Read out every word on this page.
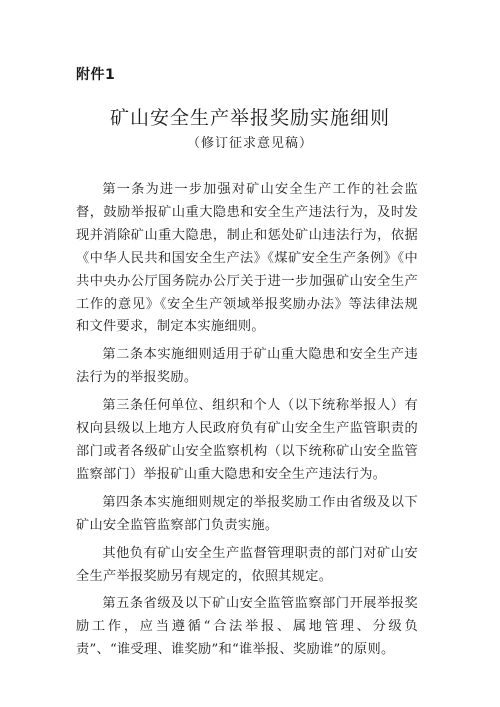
附件1
矿山安全生产举报奖励实施细则
（修订征求意见稿）

第一条为进一步加强对矿山安全生产工作的社会监督，鼓励举报矿山重大隐患和安全生产违法行为，及时发现并消除矿山重大隐患，制止和惩处矿山违法行为，依据《中华人民共和国安全生产法》《煤矿安全生产条例》《中共中央办公厅国务院办公厅关于进一步加强矿山安全生产工作的意见》《安全生产领域举报奖励办法》等法律法规和文件要求，制定本实施细则。

第二条本实施细则适用于矿山重大隐患和安全生产违法行为的举报奖励。

第三条任何单位、组织和个人（以下统称举报人）有权向县级以上地方人民政府负有矿山安全生产监管职责的部门或者各级矿山安全监察机构（以下统称矿山安全监管监察部门）举报矿山重大隐患和安全生产违法行为。

第四条本实施细则规定的举报奖励工作由省级及以下矿山安全监管监察部门负责实施。

其他负有矿山安全生产监督管理职责的部门对矿山安全生产举报奖励另有规定的，依照其规定。

第五条省级及以下矿山安全监管监察部门开展举报奖励工作，应当遵循“合法举报、属地管理、分级负责”、“谁受理、谁奖励”和“谁举报、奖励谁”的原则。
